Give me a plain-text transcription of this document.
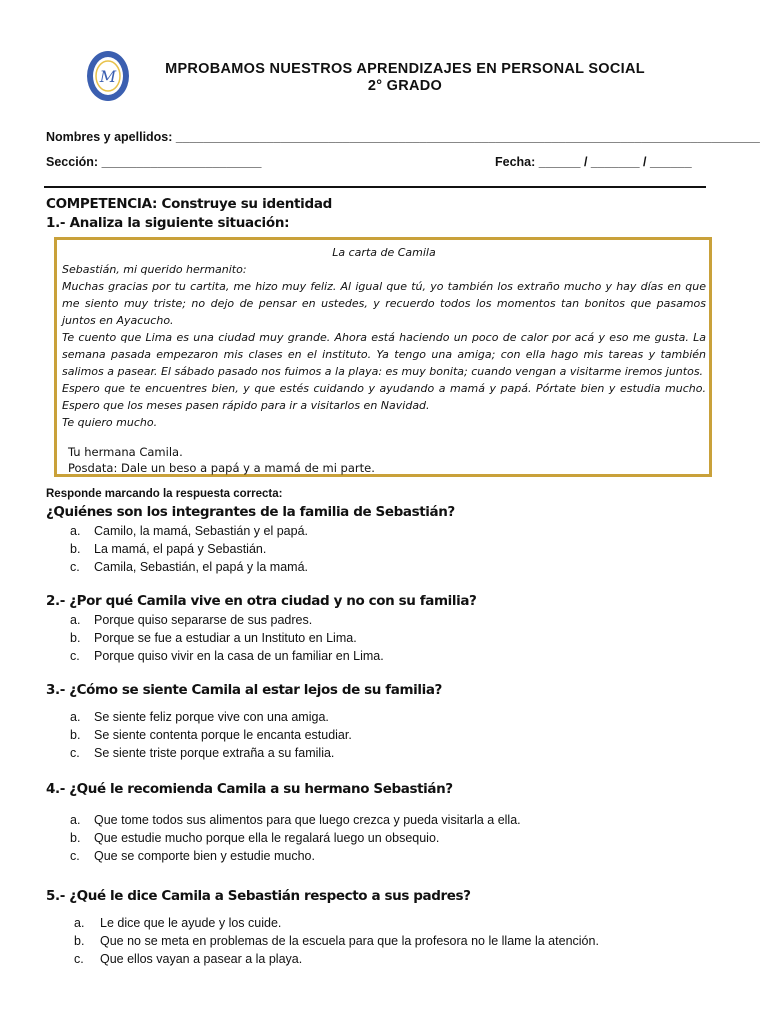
M	MPROBAMOS NUESTROS APRENDIZAJES EN PERSONAL SOCIAL
2° GRADO
Nombres y apellidos: ____________________________________________________________________________________
Sección: _______________________	Fecha: ______ / _______ / ______
COMPETENCIA: Construye su identidad
1.- Analiza la siguiente situación:

La carta de Camila

Sebastián, mi querido hermanito:

Muchas gracias por tu cartita, me hizo muy feliz. Al igual que tú, yo también los extraño mucho y hay días en que me siento muy triste; no dejo de pensar en ustedes, y recuerdo todos los momentos tan bonitos que pasamos juntos en Ayacucho.

Te cuento que Lima es una ciudad muy grande. Ahora está haciendo un poco de calor por acá y eso me gusta. La semana pasada empezaron mis clases en el instituto. Ya tengo una amiga; con ella hago mis tareas y también salimos a pasear. El sábado pasado nos fuimos a la playa: es muy bonita; cuando vengan a visitarme iremos juntos.

Espero que te encuentres bien, y que estés cuidando y ayudando a mamá y papá. Pórtate bien y estudia mucho. Espero que los meses pasen rápido para ir a visitarlos en Navidad.

Te quiero mucho.

Tu hermana Camila.
Posdata: Dale un beso a papá y a mamá de mi parte.
Responde marcando la respuesta correcta:
¿Quiénes son los integrantes de la familia de Sebastián?
a. Camilo, la mamá, Sebastián y el papá.
b. La mamá, el papá y Sebastián.
c. Camila, Sebastián, el papá y la mamá.
2.- ¿Por qué Camila vive en otra ciudad y no con su familia?
a. Porque quiso separarse de sus padres.
b. Porque se fue a estudiar a un Instituto en Lima.
c. Porque quiso vivir en la casa de un familiar en Lima.
3.- ¿Cómo se siente Camila al estar lejos de su familia?
a. Se siente feliz porque vive con una amiga.
b. Se siente contenta porque le encanta estudiar.
c. Se siente triste porque extraña a su familia.
4.- ¿Qué le recomienda Camila a su hermano Sebastián?
a. Que tome todos sus alimentos para que luego crezca y pueda visitarla a ella.
b. Que estudie mucho porque ella le regalará luego un obsequio.
c. Que se comporte bien y estudie mucho.
5.- ¿Qué le dice Camila a Sebastián respecto a sus padres?
a. Le dice que le ayude y los cuide.
b. Que no se meta en problemas de la escuela para que la profesora no le llame la atención.
c. Que ellos vayan a pasear a la playa.
